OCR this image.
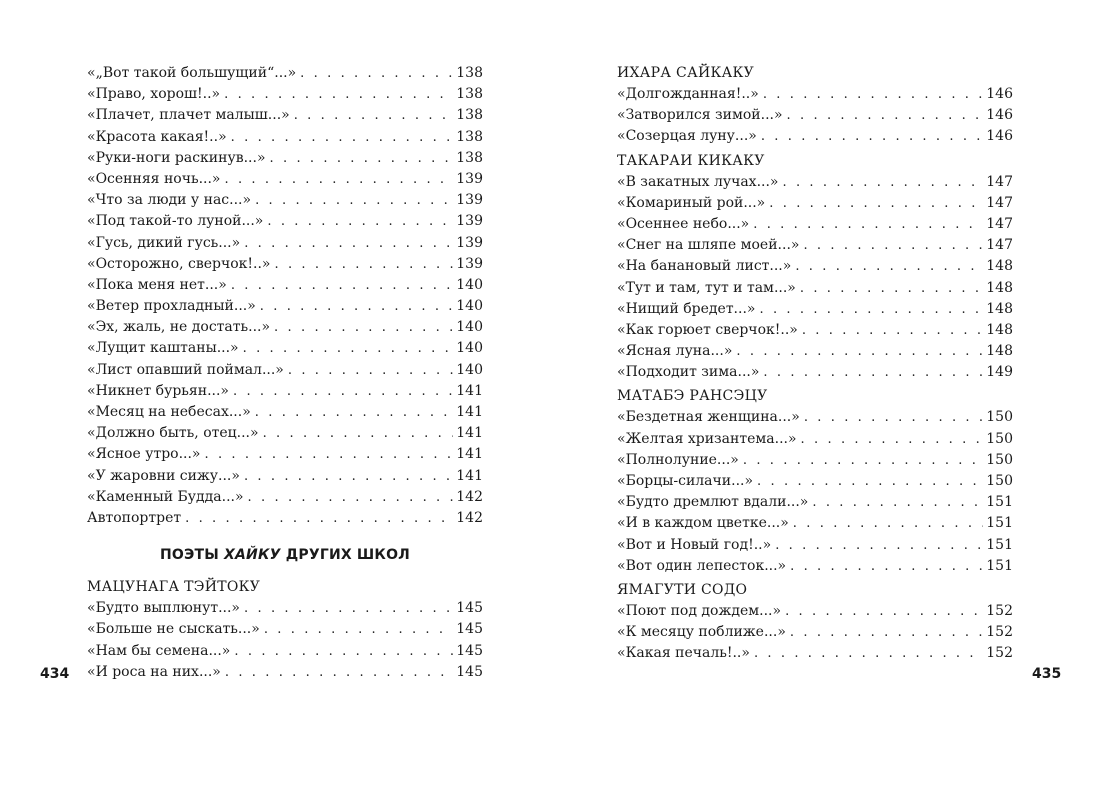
«„Вот такой большущий“...» . . .	138
«Право, хорош!..» . . .	138
«Плачет, плачет малыш...» . . .	138
«Красота какая!..» . . .	138
«Руки-ноги раскинув...» . . .	138
«Осенняя ночь...» . . .	139
«Что за люди у нас...» . . .	139
«Под такой-то луной...» . . .	139
«Гусь, дикий гусь...» . . .	139
«Осторожно, сверчок!..» . . .	139
«Пока меня нет...» . . .	140
«Ветер прохладный...» . . .	140
«Эх, жаль, не достать...» . . .	140
«Лущит каштаны...» . . .	140
«Лист опавший поймал...» . . .	140
«Никнет бурьян...» . . .	141
«Месяц на небесах...» . . .	141
«Должно быть, отец...» . . .	141
«Ясное утро...» . . .	141
«У жаровни сижу...» . . .	141
«Каменный Будда...» . . .	142
Автопортрет . . .	142
ПОЭТЫ ХАЙКУ ДРУГИХ ШКОЛ
МАЦУНАГА ТЭЙТОКУ
«Будто выплюнут...» . . .	145
«Больше не сыскать...» . . .	145
«Нам бы семена...» . . .	145
«И роса на них...» . . .	145
434
ИХАРА САЙКАКУ
«Долгожданная!..» . . .	146
«Затворился зимой...» . . .	146
«Созерцая луну...» . . .	146
ТАКАРАИ КИКАКУ
«В закатных лучах...» . . .	147
«Комариный рой...» . . .	147
«Осеннее небо...» . . .	147
«Снег на шляпе моей...» . . .	147
«На банановый лист...» . . .	148
«Тут и там, тут и там...» . . .	148
«Нищий бредет...» . . .	148
«Как горюет сверчок!..» . . .	148
«Ясная луна...» . . .	148
«Подходит зима...» . . .	149
МАТАБЭ РАНСЭЦУ
«Бездетная женщина...» . . .	150
«Желтая хризантема...» . . .	150
«Полнолуние...» . . .	150
«Борцы-силачи...» . . .	150
«Будто дремлют вдали...» . . .	151
«И в каждом цветке...» . . .	151
«Вот и Новый год!..» . . .	151
«Вот один лепесток...» . . .	151
ЯМАГУТИ СОДО
«Поют под дождем...» . . .	152
«К месяцу поближе...» . . .	152
«Какая печаль!..» . . .	152
435
